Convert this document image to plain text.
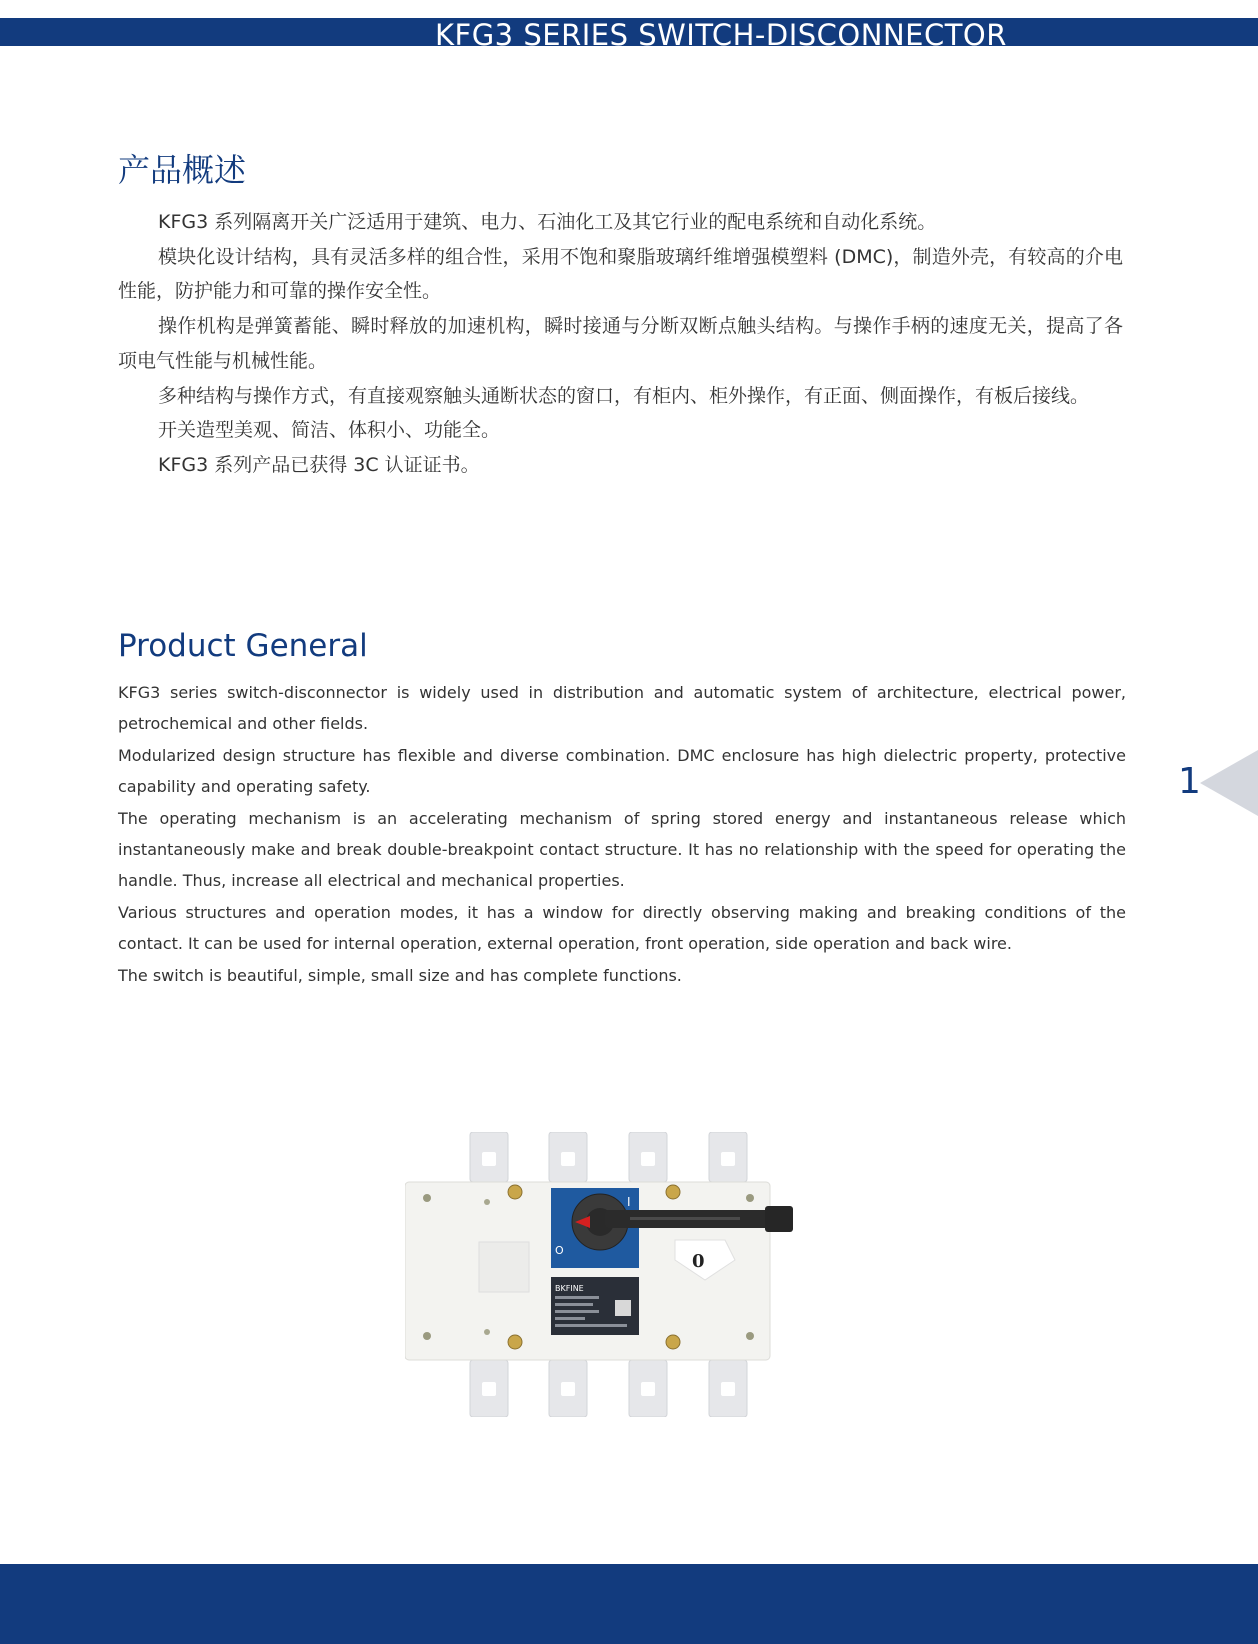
KFG3 SERIES SWITCH-DISCONNECTOR
产品概述

KFG3 系列隔离开关广泛适用于建筑、电力、石油化工及其它行业的配电系统和自动化系统。

模块化设计结构，具有灵活多样的组合性，采用不饱和聚脂玻璃纤维增强模塑料 (DMC)，制造外壳，有较高的介电性能，防护能力和可靠的操作安全性。

操作机构是弹簧蓄能、瞬时释放的加速机构，瞬时接通与分断双断点触头结构。与操作手柄的速度无关，提高了各项电气性能与机械性能。

多种结构与操作方式，有直接观察触头通断状态的窗口，有柜内、柜外操作，有正面、侧面操作，有板后接线。

开关造型美观、简洁、体积小、功能全。

KFG3 系列产品已获得 3C 认证证书。

Product General

KFG3 series switch-disconnector is widely used in distribution and automatic system of architecture, electrical power, petrochemical and other fields.

Modularized design structure has flexible and diverse combination. DMC enclosure has high dielectric property, protective capability and operating safety.

The operating mechanism is an accelerating mechanism of spring stored energy and instantaneous release which instantaneously make and break double-breakpoint contact structure. It has no relationship with the speed for operating the handle. Thus, increase all electrical and mechanical properties.

Various structures and operation modes, it has a window for directly observing making and breaking conditions of the contact. It can be used for internal operation, external operation, front operation, side operation and back wire.

The switch is beautiful, simple, small size and has complete functions.

1
I
O
0
BKFINE
